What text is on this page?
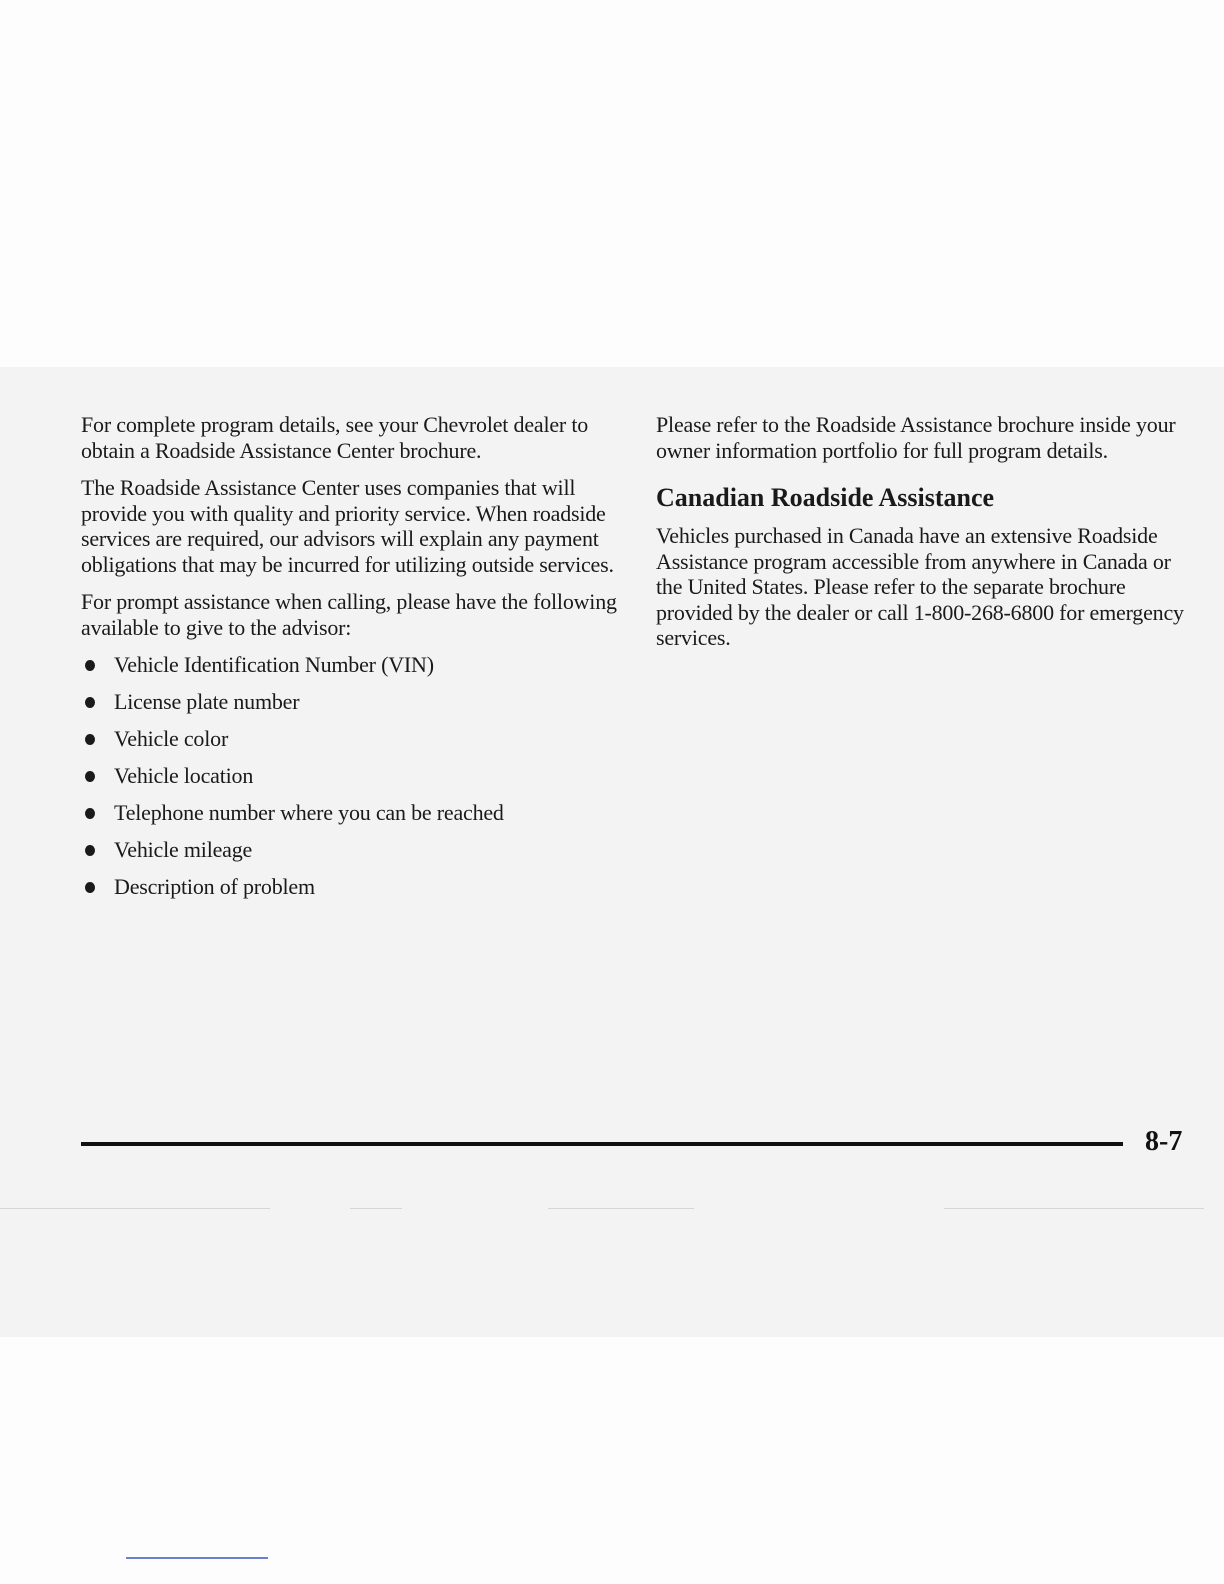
For complete program details, see your Chevrolet dealer to obtain a Roadside Assistance Center brochure.

The Roadside Assistance Center uses companies that will provide you with quality and priority service. When roadside services are required, our advisors will explain any payment obligations that may be incurred for utilizing outside services.

For prompt assistance when calling, please have the following available to give to the advisor:

Vehicle Identification Number (VIN)
License plate number
Vehicle color
Vehicle location
Telephone number where you can be reached
Vehicle mileage
Description of problem

Please refer to the Roadside Assistance brochure inside your owner information portfolio for full program details.

Canadian Roadside Assistance

Vehicles purchased in Canada have an extensive Roadside Assistance program accessible from anywhere in Canada or the United States. Please refer to the separate brochure provided by the dealer or call 1-800-268-6800 for emergency services.

8-7
